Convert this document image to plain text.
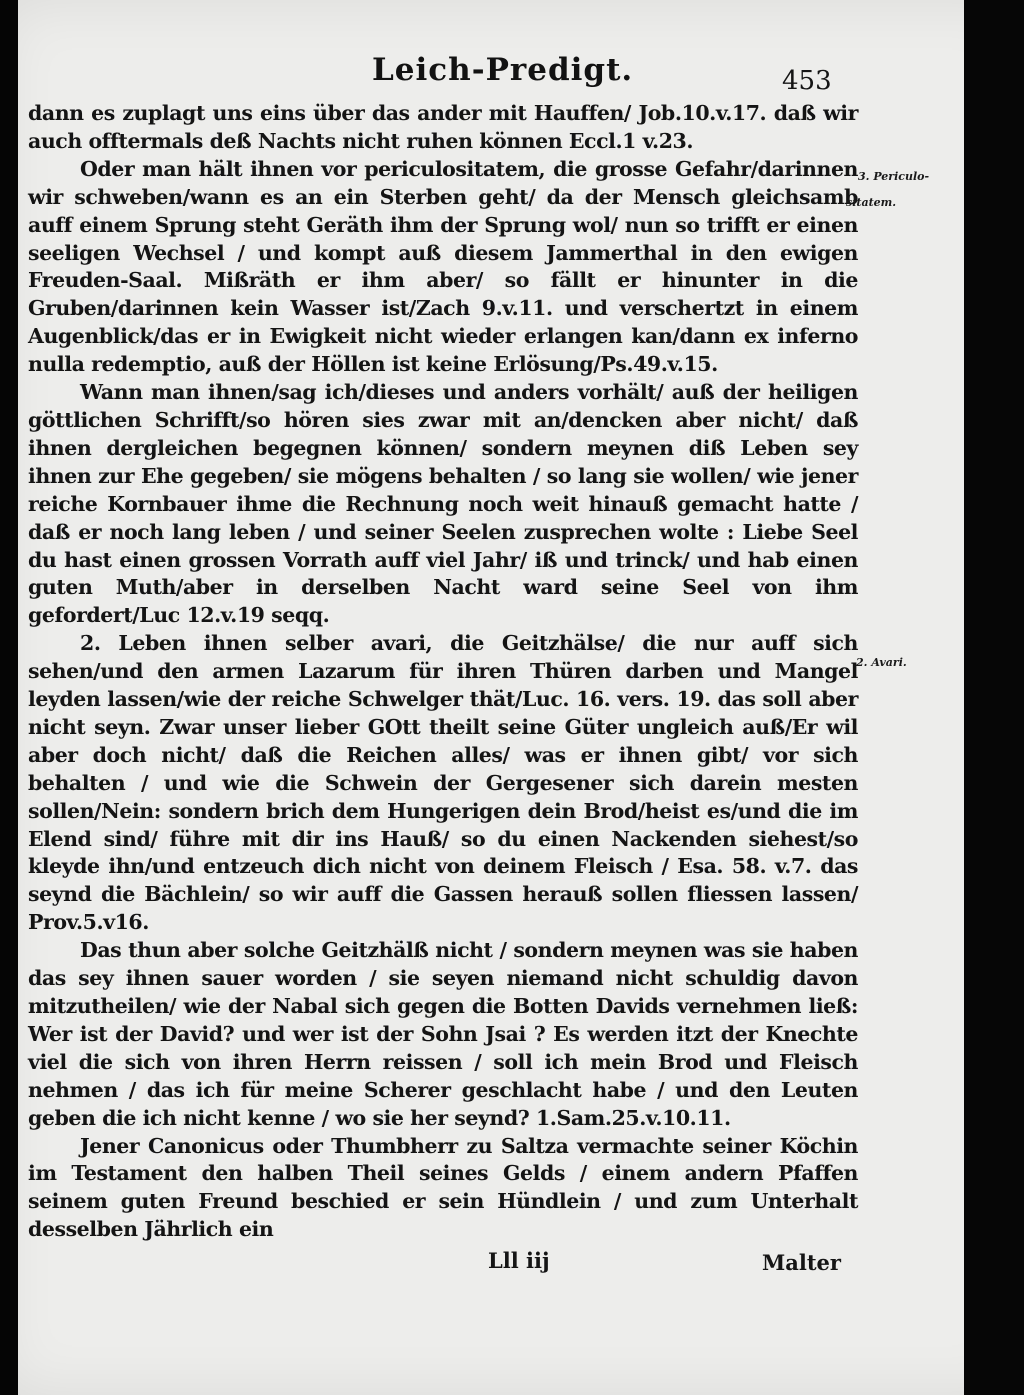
Leich-Predigt.	453

dann es zuplagt uns eins über das ander mit Hauffen/ Job.10.v.17. daß wir auch offtermals deß Nachts nicht ruhen können Eccl.1 v.23.

Oder man hält ihnen vor periculositatem, die grosse Gefahr/darinnen wir schweben/wann es an ein Sterben geht/ da der Mensch gleichsamb auff einem Sprung steht Geräth ihm der Sprung wol/ nun so trifft er einen seeligen Wechsel / und kompt auß diesem Jammerthal in den ewigen Freuden-Saal. Mißräth er ihm aber/ so fällt er hinunter in die Gruben/darinnen kein Wasser ist/Zach 9.v.11. und verschertzt in einem Augenblick/das er in Ewigkeit nicht wieder erlangen kan/dann ex inferno nulla redemptio, auß der Höllen ist keine Erlösung/Ps.49.v.15.

Wann man ihnen/sag ich/dieses und anders vorhält/ auß der heiligen göttlichen Schrifft/so hören sies zwar mit an/dencken aber nicht/ daß ihnen dergleichen begegnen können/ sondern meynen diß Leben sey ihnen zur Ehe gegeben/ sie mögens behalten / so lang sie wollen/ wie jener reiche Kornbauer ihme die Rechnung noch weit hinauß gemacht hatte / daß er noch lang leben / und seiner Seelen zusprechen wolte : Liebe Seel du hast einen grossen Vorrath auff viel Jahr/ iß und trinck/ und hab einen guten Muth/aber in derselben Nacht ward seine Seel von ihm gefordert/Luc 12.v.19 seqq.

2. Leben ihnen selber avari, die Geitzhälse/ die nur auff sich sehen/und den armen Lazarum für ihren Thüren darben und Mangel leyden lassen/wie der reiche Schwelger thät/Luc. 16. vers. 19. das soll aber nicht seyn. Zwar unser lieber GOtt theilt seine Güter ungleich auß/Er wil aber doch nicht/ daß die Reichen alles/ was er ihnen gibt/ vor sich behalten / und wie die Schwein der Gergesener sich darein mesten sollen/Nein: sondern brich dem Hungerigen dein Brod/heist es/und die im Elend sind/ führe mit dir ins Hauß/ so du einen Nackenden siehest/so kleyde ihn/und entzeuch dich nicht von deinem Fleisch / Esa. 58. v.7. das seynd die Bächlein/ so wir auff die Gassen herauß sollen fliessen lassen/ Prov.5.v16.

Das thun aber solche Geitzhälß nicht / sondern meynen was sie haben das sey ihnen sauer worden / sie seyen niemand nicht schuldig davon mitzutheilen/ wie der Nabal sich gegen die Botten Davids vernehmen ließ: Wer ist der David? und wer ist der Sohn Jsai ? Es werden itzt der Knechte viel die sich von ihren Herrn reissen / soll ich mein Brod und Fleisch nehmen / das ich für meine Scherer geschlacht habe / und den Leuten geben die ich nicht kenne / wo sie her seynd? 1.Sam.25.v.10.11.

Jener Canonicus oder Thumbherr zu Saltza vermachte seiner Köchin im Testament den halben Theil seines Gelds / einem andern Pfaffen seinem guten Freund beschied er sein Hündlein / und zum Unterhalt desselben Jährlich ein

3. Periculo-
sitatem.
2. Avari.
Lll iij	Malter
